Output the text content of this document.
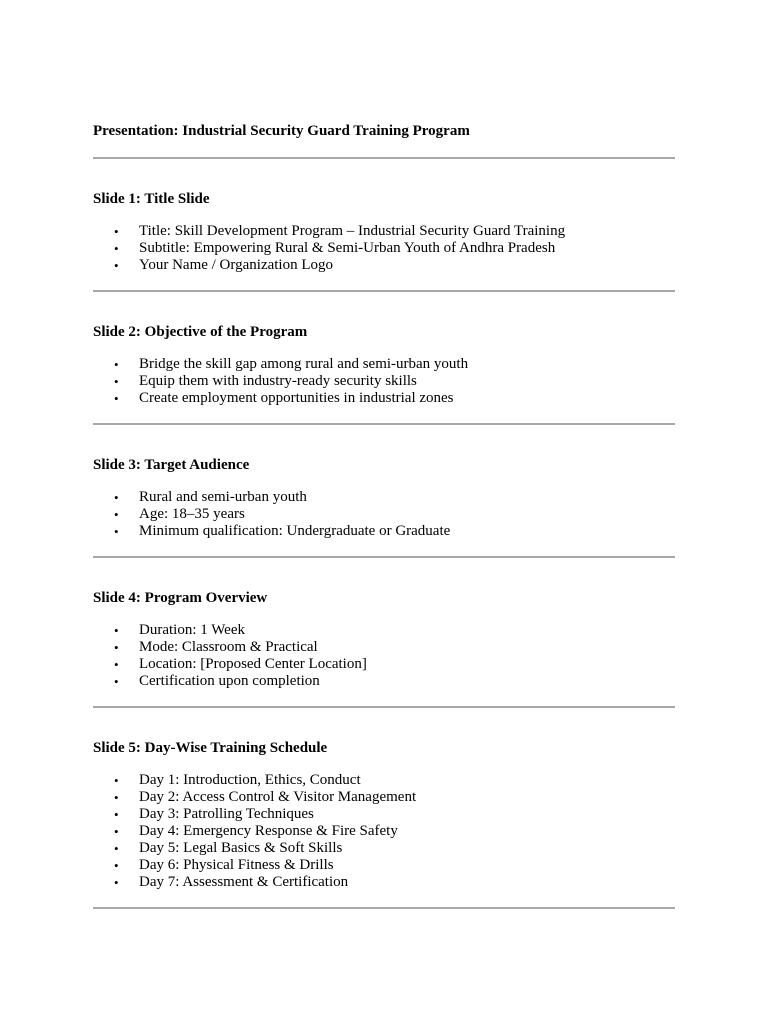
Presentation: Industrial Security Guard Training Program
Slide 1: Title Slide
• Title: Skill Development Program – Industrial Security Guard Training
• Subtitle: Empowering Rural & Semi-Urban Youth of Andhra Pradesh
• Your Name / Organization Logo
Slide 2: Objective of the Program
• Bridge the skill gap among rural and semi-urban youth
• Equip them with industry-ready security skills
• Create employment opportunities in industrial zones
Slide 3: Target Audience
• Rural and semi-urban youth
• Age: 18–35 years
• Minimum qualification: Undergraduate or Graduate
Slide 4: Program Overview
• Duration: 1 Week
• Mode: Classroom & Practical
• Location: [Proposed Center Location]
• Certification upon completion
Slide 5: Day-Wise Training Schedule
• Day 1: Introduction, Ethics, Conduct
• Day 2: Access Control & Visitor Management
• Day 3: Patrolling Techniques
• Day 4: Emergency Response & Fire Safety
• Day 5: Legal Basics & Soft Skills
• Day 6: Physical Fitness & Drills
• Day 7: Assessment & Certification
